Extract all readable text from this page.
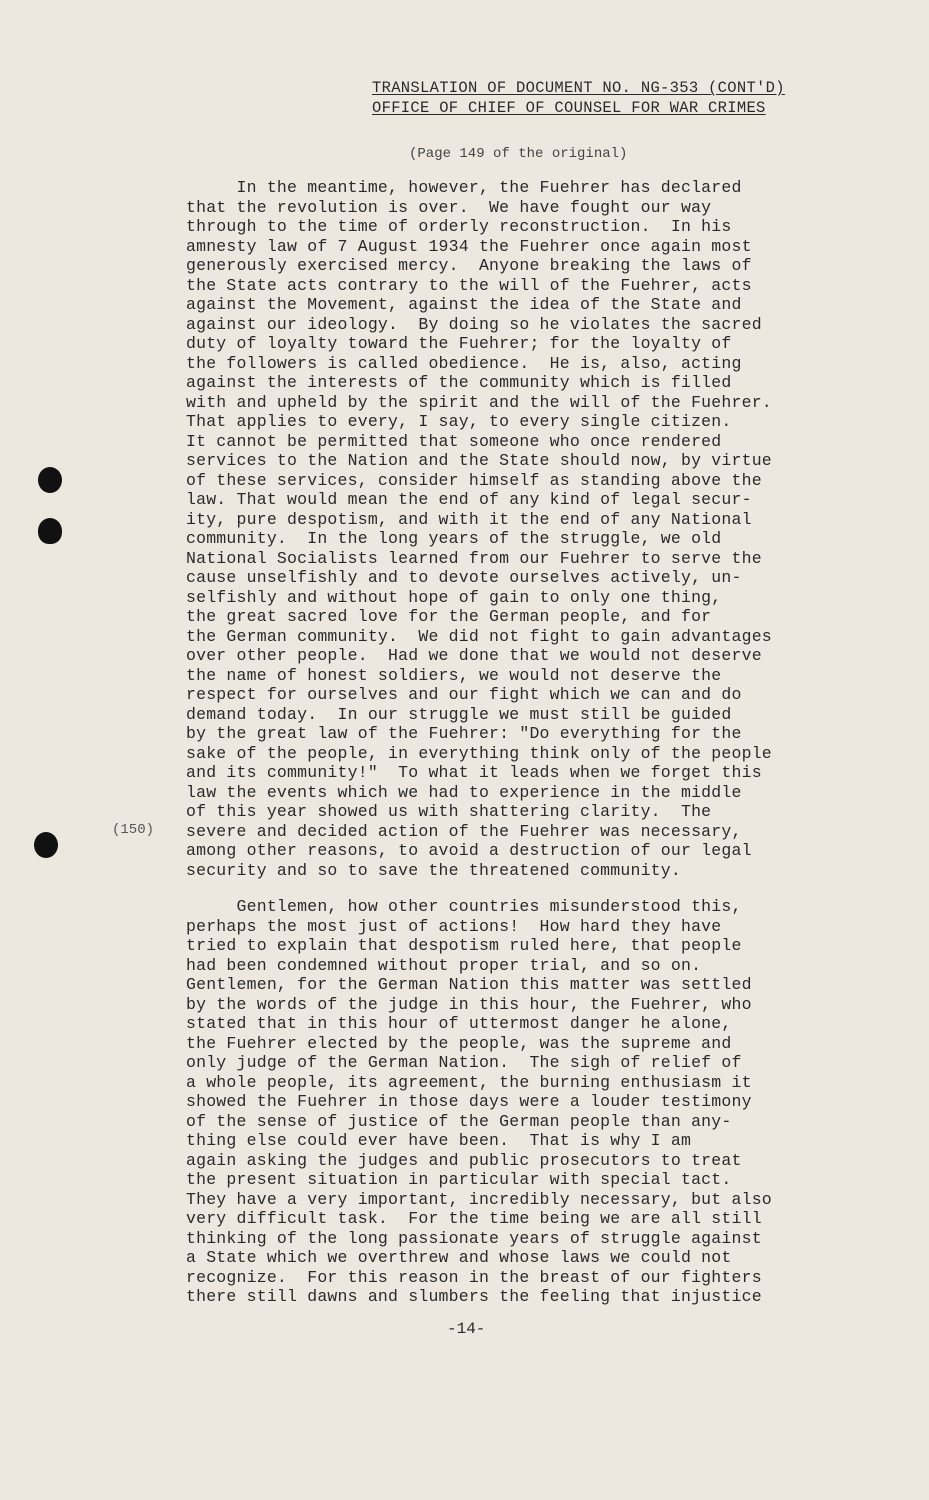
TRANSLATION OF DOCUMENT NO. NG-353 (CONT'D)
OFFICE OF CHIEF OF COUNSEL FOR WAR CRIMES
(Page 149 of the original)
In the meantime, however, the Fuehrer has declared
that the revolution is over.  We have fought our way
through to the time of orderly reconstruction.  In his
amnesty law of 7 August 1934 the Fuehrer once again most
generously exercised mercy.  Anyone breaking the laws of
the State acts contrary to the will of the Fuehrer, acts
against the Movement, against the idea of the State and
against our ideology.  By doing so he violates the sacred
duty of loyalty toward the Fuehrer; for the loyalty of
the followers is called obedience.  He is, also, acting
against the interests of the community which is filled
with and upheld by the spirit and the will of the Fuehrer.
That applies to every, I say, to every single citizen.
It cannot be permitted that someone who once rendered
services to the Nation and the State should now, by virtue
of these services, consider himself as standing above the
law. That would mean the end of any kind of legal secur-
ity, pure despotism, and with it the end of any National
community.  In the long years of the struggle, we old
National Socialists learned from our Fuehrer to serve the
cause unselfishly and to devote ourselves actively, un-
selfishly and without hope of gain to only one thing,
the great sacred love for the German people, and for
the German community.  We did not fight to gain advantages
over other people.  Had we done that we would not deserve
the name of honest soldiers, we would not deserve the
respect for ourselves and our fight which we can and do
demand today.  In our struggle we must still be guided
by the great law of the Fuehrer: "Do everything for the
sake of the people, in everything think only of the people
and its community!"  To what it leads when we forget this
law the events which we had to experience in the middle
of this year showed us with shattering clarity.  The
severe and decided action of the Fuehrer was necessary,
among other reasons, to avoid a destruction of our legal
security and so to save the threatened community.
Gentlemen, how other countries misunderstood this,
perhaps the most just of actions!  How hard they have
tried to explain that despotism ruled here, that people
had been condemned without proper trial, and so on.
Gentlemen, for the German Nation this matter was settled
by the words of the judge in this hour, the Fuehrer, who
stated that in this hour of uttermost danger he alone,
the Fuehrer elected by the people, was the supreme and
only judge of the German Nation.  The sigh of relief of
a whole people, its agreement, the burning enthusiasm it
showed the Fuehrer in those days were a louder testimony
of the sense of justice of the German people than any-
thing else could ever have been.  That is why I am
again asking the judges and public prosecutors to treat
the present situation in particular with special tact.
They have a very important, incredibly necessary, but also
very difficult task.  For the time being we are all still
thinking of the long passionate years of struggle against
a State which we overthrew and whose laws we could not
recognize.  For this reason in the breast of our fighters
there still dawns and slumbers the feeling that injustice
(150)
-14-
